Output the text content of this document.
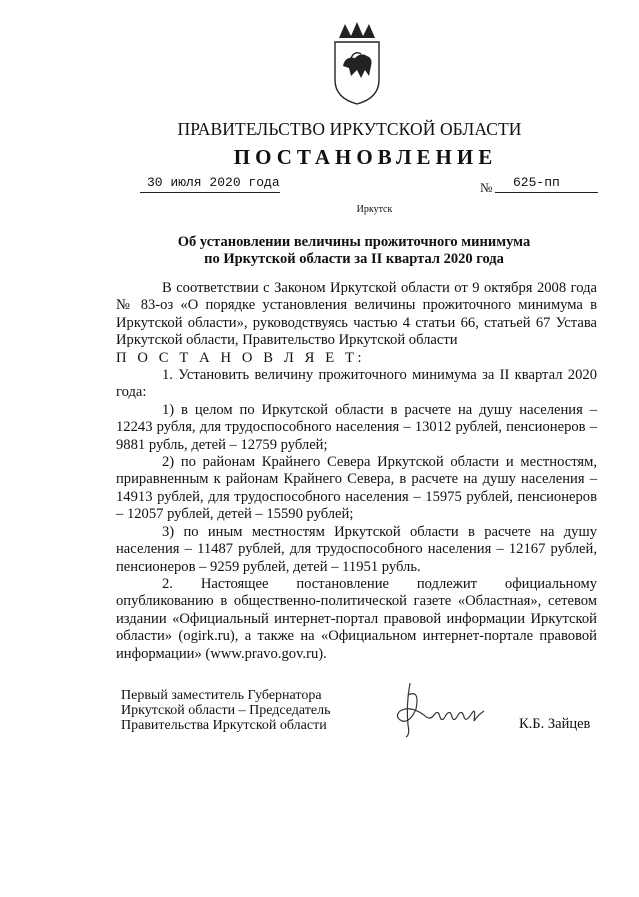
ПРАВИТЕЛЬСТВО ИРКУТСКОЙ ОБЛАСТИ
ПОСТАНОВЛЕНИЕ
30 июля 2020 года	№ 625-пп
Иркутск
Об установлении величины прожиточного минимума
по Иркутской области за II квартал 2020 года

В соответствии с Законом Иркутской области от 9 октября 2008 года № 83-оз «О порядке установления величины прожиточного минимума в Иркутской области», руководствуясь частью 4 статьи 66, статьей 67 Устава Иркутской области, Правительство Иркутской области

П О С Т А Н О В Л Я Е Т:

1. Установить величину прожиточного минимума за II квартал 2020 года:

1) в целом по Иркутской области в расчете на душу населения – 12243 рубля, для трудоспособного населения – 13012 рублей, пенсионеров – 9881 рубль, детей – 12759 рублей;

2) по районам Крайнего Севера Иркутской области и местностям, приравненным к районам Крайнего Севера, в расчете на душу населения – 14913 рублей, для трудоспособного населения – 15975 рублей, пенсионеров – 12057 рублей, детей – 15590 рублей;

3) по иным местностям Иркутской области в расчете на душу населения – 11487 рублей, для трудоспособного населения – 12167 рублей, пенсионеров – 9259 рублей, детей – 11951 рубль.

2. Настоящее постановление подлежит официальному опубликованию в общественно-политической газете «Областная», сетевом издании «Официальный интернет-портал правовой информации Иркутской области» (ogirk.ru), а также на «Официальном интернет-портале правовой информации» (www.pravo.gov.ru).

Первый заместитель Губернатора
Иркутской области – Председатель
Правительства Иркутской области	К.Б. Зайцев
